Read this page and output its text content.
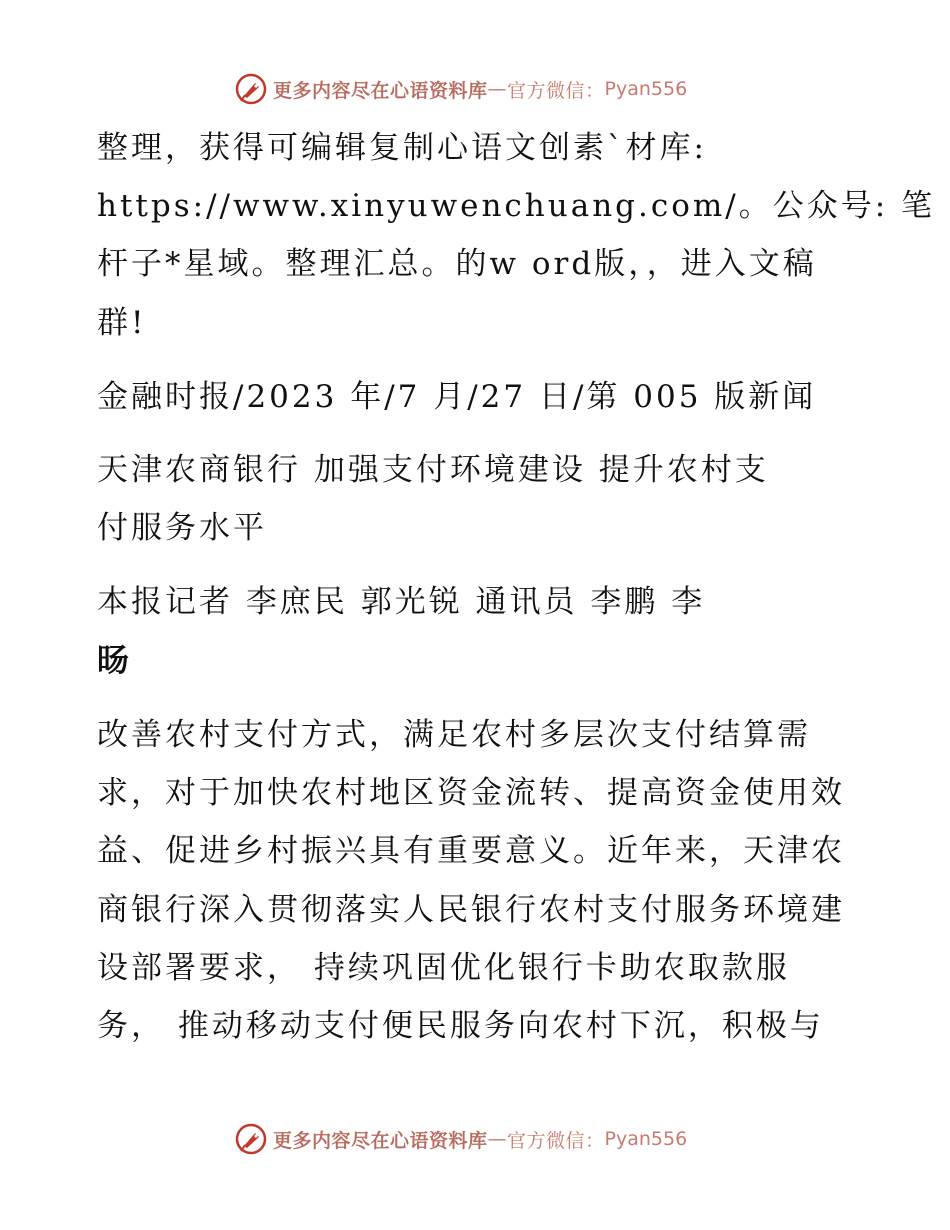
更多内容尽在心语资料库 — 官方微信： Pyan556
整理，获得可编辑复制心语文创素`材库:
https://www.xinyuwenchuang.com/。公众号: 笔
杆子*星域。整理汇总。的w ord版，，进入文稿
群!
金融时报/2023 年/7 月/27 日/第 005 版新闻
天津农商银行 加强支付环境建设 提升农村支
付服务水平
本报记者 李庶民 郭光锐 通讯员 李鹏 李
旸
改善农村支付方式，满足农村多层次支付结算需
求，对于加快农村地区资金流转、提高资金使用效
益、促进乡村振兴具有重要意义。近年来，天津农
商银行深入贯彻落实人民银行农村支付服务环境建
设部署要求， 持续巩固优化银行卡助农取款服
务， 推动移动支付便民服务向农村下沉，积极与
更多内容尽在心语资料库 — 官方微信： Pyan556
